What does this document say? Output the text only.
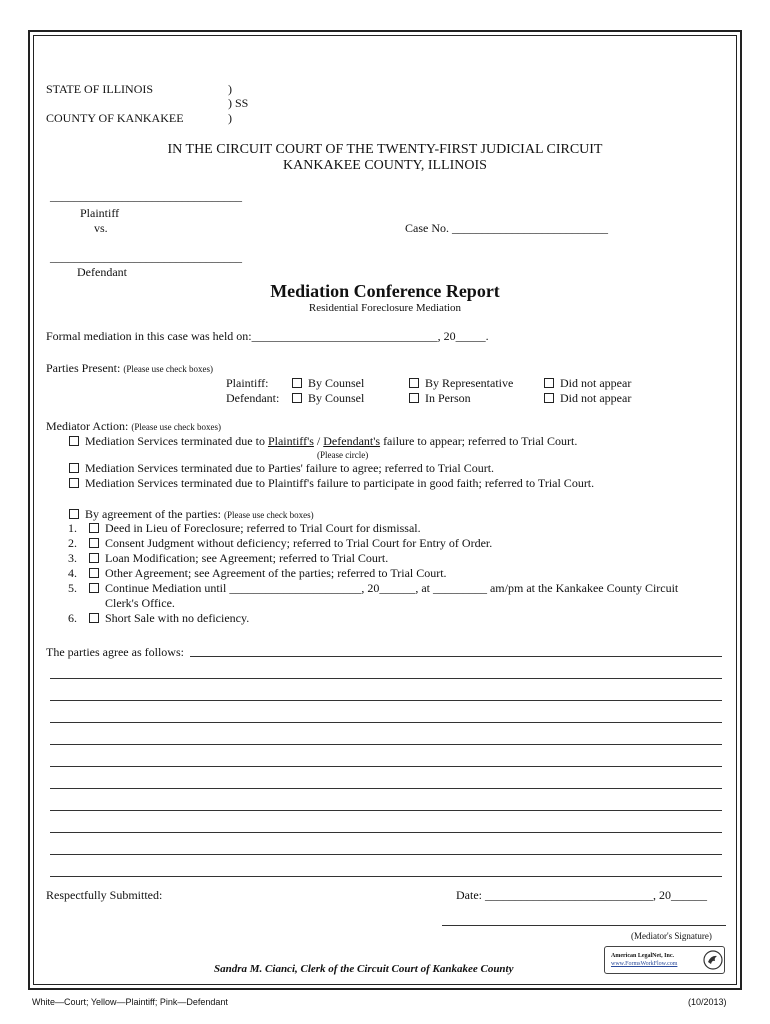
STATE OF ILLINOIS
COUNTY OF KANKAKEE
)
) SS
)
IN THE CIRCUIT COURT OF THE TWENTY-FIRST JUDICIAL CIRCUIT
KANKAKEE COUNTY, ILLINOIS
________________________________
Plaintiff
vs.	Case No. __________________________
________________________________
Defendant
Mediation Conference Report
Residential Foreclosure Mediation
Formal mediation in this case was held on:_______________________________, 20_____.
Parties Present: (Please use check boxes)
Plaintiff:	By Counsel	By Representative	Did not appear
Defendant:	By Counsel	In Person	Did not appear
Mediator Action: (Please use check boxes)
Mediation Services terminated due to Plaintiff's / Defendant's failure to appear; referred to Trial Court.
(Please circle)
Mediation Services terminated due to Parties' failure to agree; referred to Trial Court.
Mediation Services terminated due to Plaintiff's failure to participate in good faith; referred to Trial Court.
By agreement of the parties: (Please use check boxes)
1. Deed in Lieu of Foreclosure; referred to Trial Court for dismissal.
2. Consent Judgment without deficiency; referred to Trial Court for Entry of Order.
3. Loan Modification; see Agreement; referred to Trial Court.
4. Other Agreement; see Agreement of the parties; referred to Trial Court.
5. Continue Mediation until ______________________, 20______, at _________ am/pm at the Kankakee County Circuit
Clerk's Office.
6. Short Sale with no deficiency.
The parties agree as follows:
Respectfully Submitted:	Date: ____________________________, 20______
(Mediator's Signature)
Sandra M. Cianci, Clerk of the Circuit Court of Kankakee County
American LegalNet, Inc.
www.FormsWorkFlow.com
White—Court; Yellow—Plaintiff; Pink—Defendant	(10/2013)
